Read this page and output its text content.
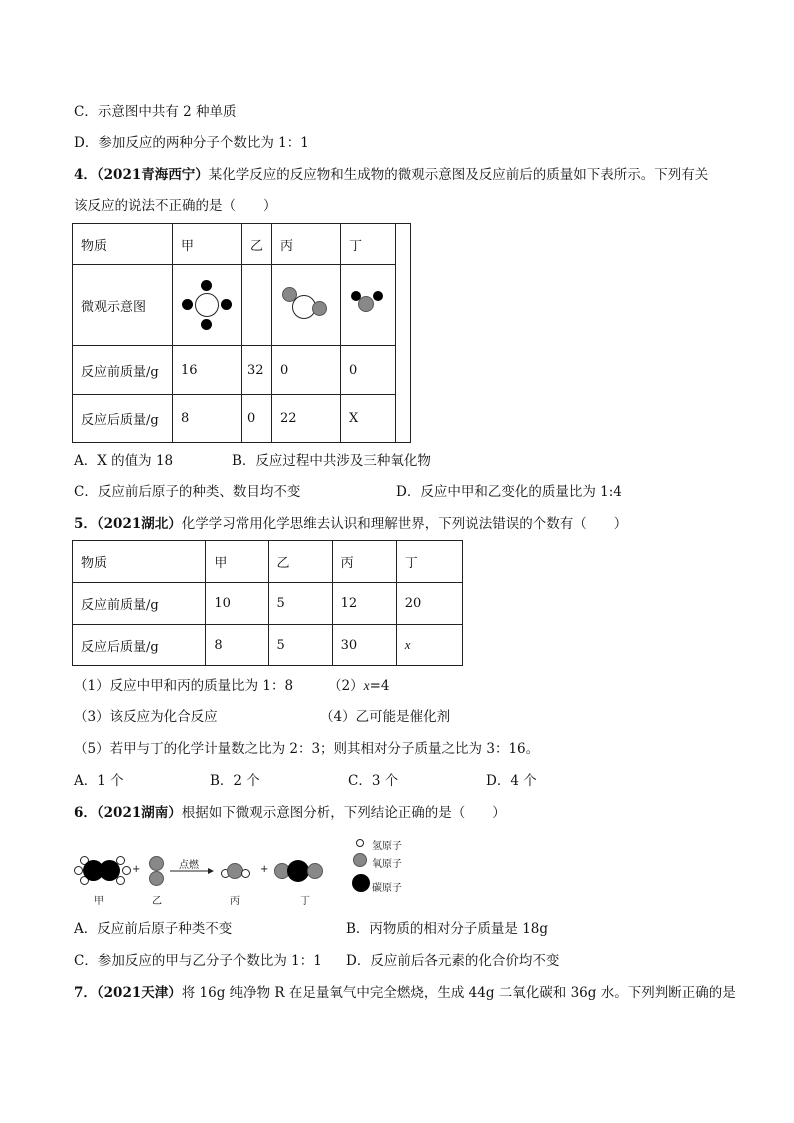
C．示意图中共有 2 种单质
D．参加反应的两种分子个数比为 1：1
4．（2021青海西宁）某化学反应的反应物和生成物的微观示意图及反应前后的质量如下表所示。下列有关
该反应的说法不正确的是（　　）
物质	甲	乙	丙	丁	
微观示意图		

反应前质量/g	16	32	0	0	
反应后质量/g	8	0	22	X	
A．X 的值为 18	B．反应过程中共涉及三种氧化物
C．反应前后原子的种类、数目均不变	D．反应中甲和乙变化的质量比为 1:4
5．（2021湖北）化学学习常用化学思维去认识和理解世界，下列说法错误的个数有（　　）
物质	甲	乙	丙	丁
反应前质量/g	10	5	12	20
反应后质量/g	8	5	30	x
（1）反应中甲和丙的质量比为 1：8	（2）x=4
（3）该反应为化合反应	（4）乙可能是催化剂
（5）若甲与丁的化学计量数之比为 2：3；则其相对分子质量之比为 3：16。
A．1 个	B．2 个	C．3 个	D．4 个
6．（2021湖南）根据如下微观示意图分析，下列结论正确的是（　　）
甲
+
乙
点燃
丙
+
丁
氢原子
氧原子
碳原子
A．反应前后原子种类不变	B．丙物质的相对分子质量是 18g
C．参加反应的甲与乙分子个数比为 1：1 D．反应前后各元素的化合价均不变
7．（2021天津）将 16g 纯净物 R 在足量氧气中完全燃烧，生成 44g 二氧化碳和 36g 水。下列判断正确的是
